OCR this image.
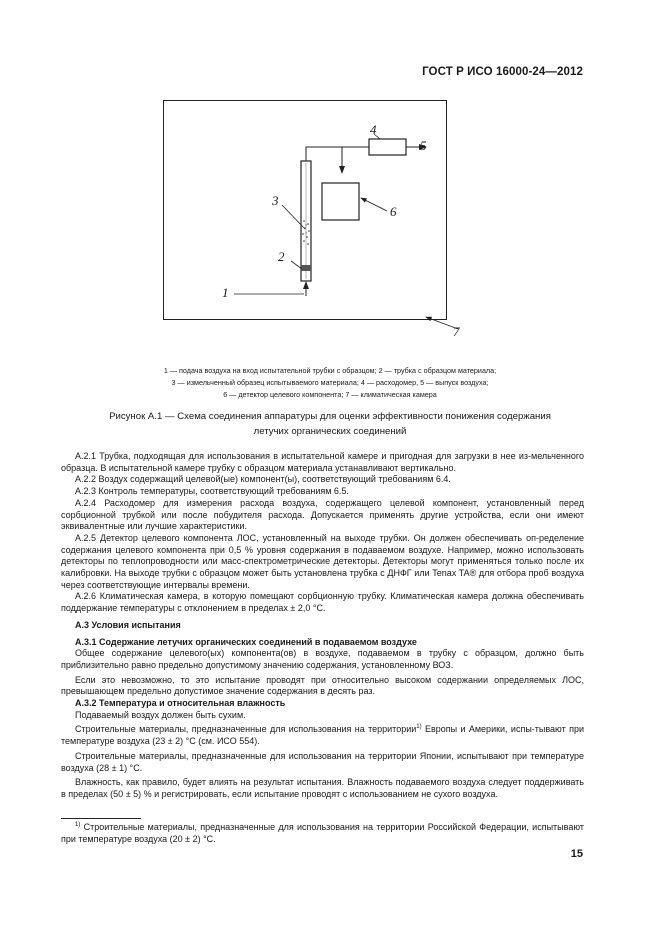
ГОСТ Р ИСО 16000-24—2012
1
2
3
4
5
6
7
1 — подача воздуха на вход испытательной трубки с образцом; 2 — трубка с образцом материала;
3 — измельченный образец испытываемого материала; 4 — расходомер, 5 — выпуск воздуха;
6 — детектор целевого компонента; 7 — климатическая камера
Рисунок А.1 — Схема соединения аппаратуры для оценки эффективности понижения содержания
летучих органических соединений

А.2.1 Трубка, подходящая для использования в испытательной камере и пригодная для загрузки в нее из-мельченного образца. В испытательной камере трубку с образцом материала устанавливают вертикально.

А.2.2 Воздух содержащий целевой(ые) компонент(ы), соответствующий требованиям 6.4.

А.2.3 Контроль температуры, соответствующий требованиям 6.5.

А.2.4 Расходомер для измерения расхода воздуха, содержащего целевой компонент, установленный перед сорбционной трубкой или после побудителя расхода. Допускается применять другие устройства, если они имеют эквивалентные или лучшие характеристики.

А.2.5 Детектор целевого компонента ЛОС, установленный на выходе трубки. Он должен обеспечивать оп-ределение содержания целевого компонента при 0,5 % уровня содержания в подаваемом воздухе. Например, можно использовать детекторы по теплопроводности или масс-спектрометрические детекторы. Детекторы могут применяться только после их калибровки. На выходе трубки с образцом может быть установлена трубка с ДНФГ или Tenax TA® для отбора проб воздуха через соответствующие интервалы времени.

А.2.6 Климатическая камера, в которую помещают сорбционную трубку. Климатическая камера должна обеспечивать поддержание температуры с отклонением в пределах ± 2,0 °С.

А.3 Условия испытания

А.3.1 Содержание летучих органических соединений в подаваемом воздухе

Общее содержание целевого(ых) компонента(ов) в воздухе, подаваемом в трубку с образцом, должно быть приблизительно равно предельно допустимому значению содержания, установленному ВОЗ.

Если это невозможно, то это испытание проводят при относительно высоком содержании определяемых ЛОС, превышающем предельно допустимое значение содержания в десять раз.

А.3.2 Температура и относительная влажность

Подаваемый воздух должен быть сухим.

Строительные материалы, предназначенные для использования на территории$^{1)}$ Европы и Америки, испы-тывают при температуре воздуха (23 ± 2) °С (см. ИСО 554).

Строительные материалы, предназначенные для использования на территории Японии, испытывают при температуре воздуха (28 ± 1) °С.

Влажность, как правило, будет влиять на результат испытания. Влажность подаваемого воздуха следует поддерживать в пределах (50 ± 5) % и регистрировать, если испытание проводят с использованием не сухого воздуха.

$^{1)}$ Строительные материалы, предназначенные для использования на территории Российской Федерации, испытывают при температуре воздуха (20 ± 2) °С.

15
